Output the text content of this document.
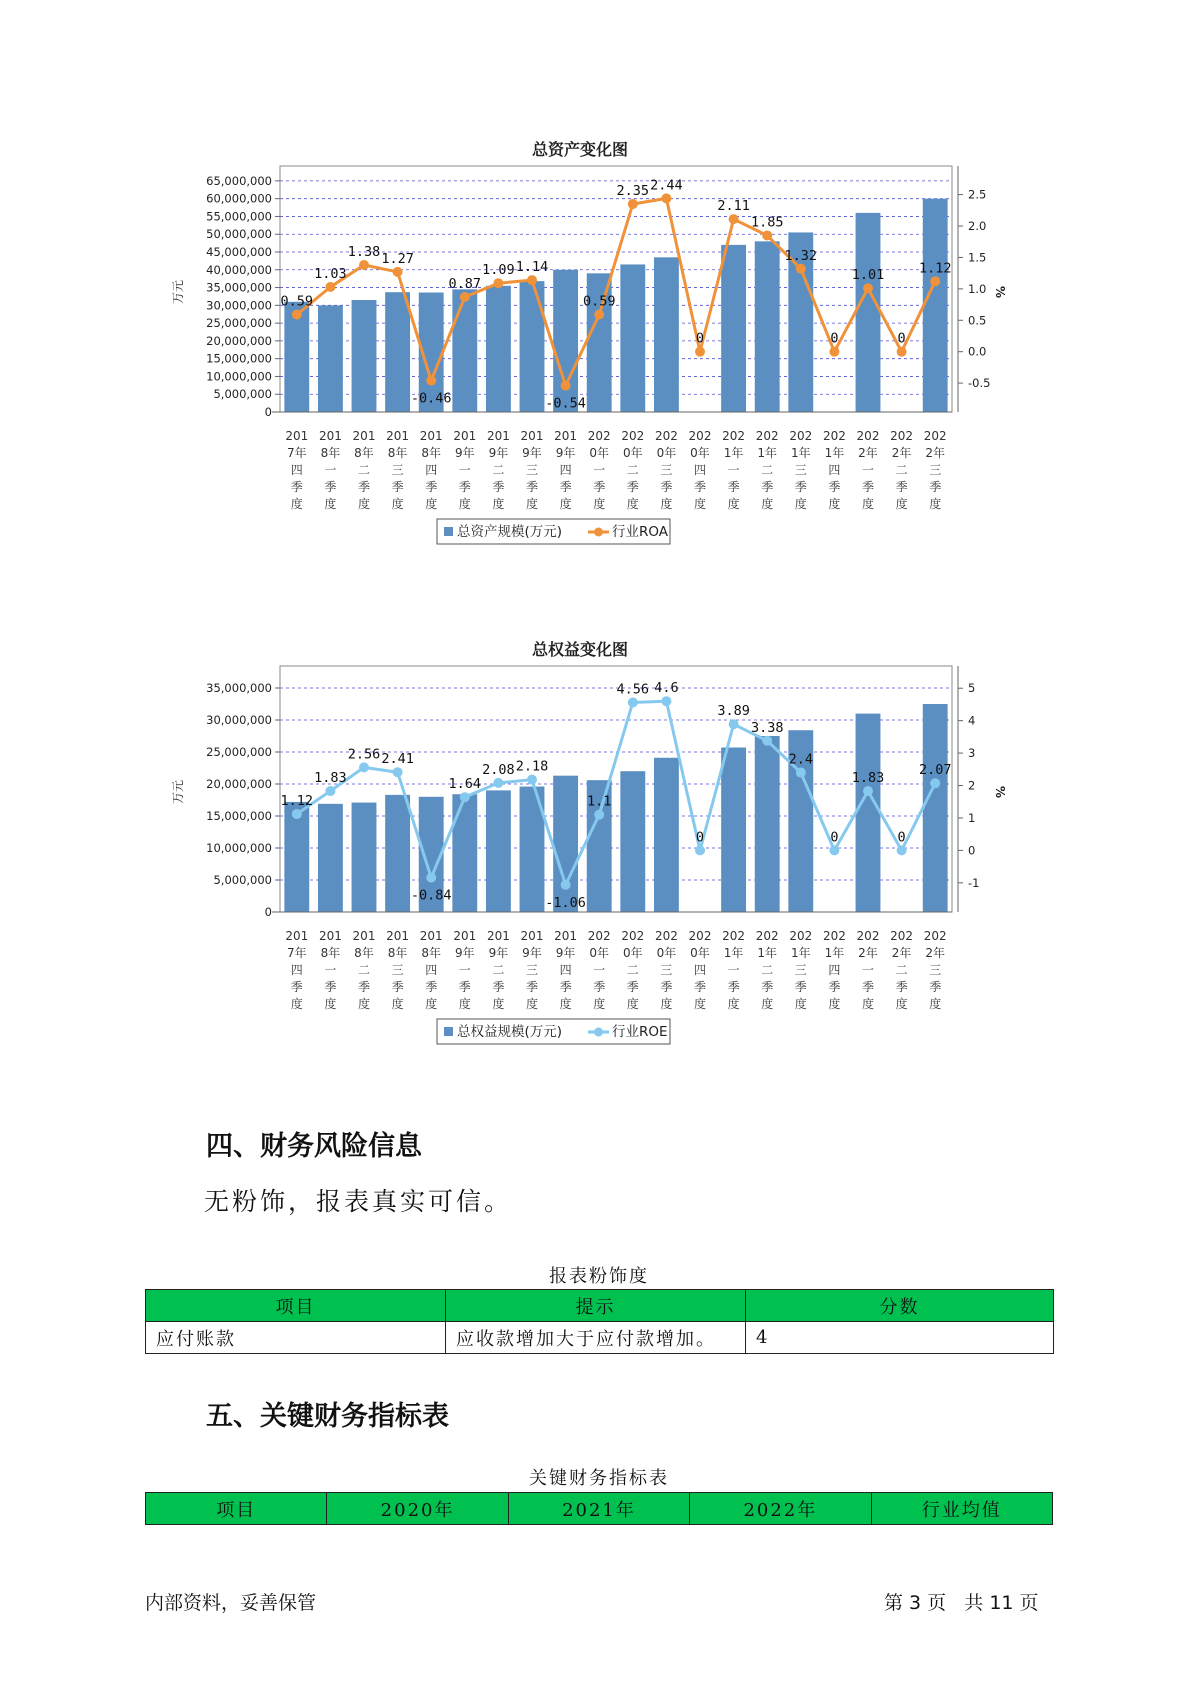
总资产变化图
0
5,000,000
10,000,000
15,000,000
20,000,000
25,000,000
30,000,000
35,000,000
40,000,000
45,000,000
50,000,000
55,000,000
60,000,000
65,000,000
万元
-0.5
0.0
0.5
1.0
1.5
2.0
2.5
%
201 7年四季度
201 8年一季度
201 8年二季度
201 8年三季度
201 8年四季度
201 9年一季度
201 9年二季度
201 9年三季度
201 9年四季度
202 0年一季度
202 0年二季度
202 0年三季度
202 0年四季度
202 1年一季度
202 1年二季度
202 1年三季度
202 1年四季度
202 2年一季度
202 2年二季度
202 2年三季度
0.59
1.03
1.38 1.27
-0.46
0.87
1.09 1.14
-0.54
0.59
2.35 2.44
0
2.11
1.85
1.32
0
1.01
0
1.12
总资产规模(万元)	行业ROA
总权益变化图
0
5,000,000
10,000,000
15,000,000
20,000,000
25,000,000
30,000,000
35,000,000
万元
-1
0
1
2
3
4
5
%
201 7年四季度
201 8年一季度
201 8年二季度
201 8年三季度
201 8年四季度
201 9年一季度
201 9年二季度
201 9年三季度
201 9年四季度
202 0年一季度
202 0年二季度
202 0年三季度
202 0年四季度
202 1年一季度
202 1年二季度
202 1年三季度
202 1年四季度
202 2年一季度
202 2年二季度
202 2年三季度
1.12
1.83
2.56 2.41
-0.84
1.64
2.08 2.18
-1.06
1.1
4.56 4.6
0
3.89
3.38
2.4
0
1.83
0
2.07
总权益规模(万元)	行业ROE
四、财务风险信息

无粉饰，报表真实可信。

报表粉饰度
项目	提示	分数
应付账款	应收款增加大于应付款增加。	4
五、关键财务指标表
关键财务指标表
项目	2020年	2021年	2022年	行业均值
内部资料，妥善保管	第 3 页   共 11 页
